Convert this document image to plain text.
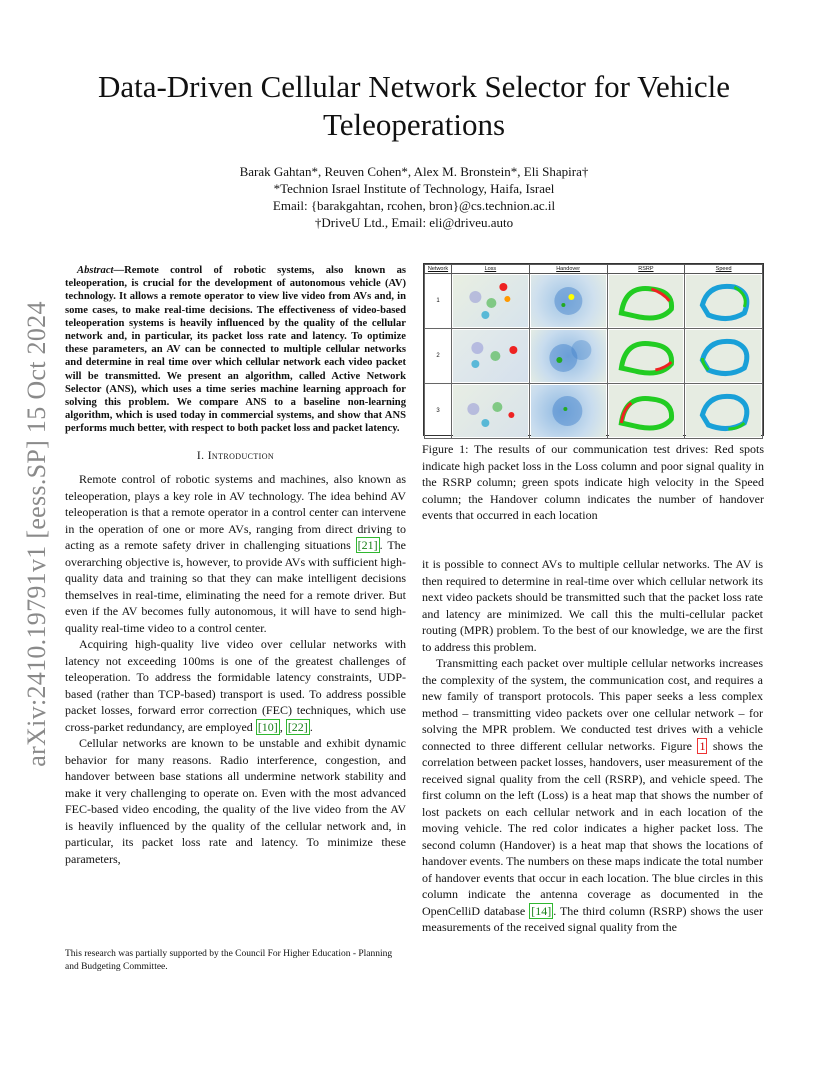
arXiv:2410.19791v1 [eess.SP] 15 Oct 2024
Data-Driven Cellular Network Selector for Vehicle
Teleoperations
Barak Gahtan*, Reuven Cohen*, Alex M. Bronstein*, Eli Shapira†
*Technion Israel Institute of Technology, Haifa, Israel
Email: {barakgahtan, rcohen, bron}@cs.technion.ac.il
†DriveU Ltd., Email: eli@driveu.auto

Abstract—Remote control of robotic systems, also known as teleoperation, is crucial for the development of autonomous vehicle (AV) technology. It allows a remote operator to view live video from AVs and, in some cases, to make real-time decisions. The effectiveness of video-based teleoperation systems is heavily influenced by the quality of the cellular network and, in particular, its packet loss rate and latency. To optimize these parameters, an AV can be connected to multiple cellular networks and determine in real time over which cellular network each video packet will be transmitted. We present an algorithm, called Active Network Selector (ANS), which uses a time series machine learning approach for solving this problem. We compare ANS to a baseline non-learning algorithm, which is used today in commercial systems, and show that ANS performs much better, with respect to both packet loss and packet latency.

I. Introduction

Remote control of robotic systems and machines, also known as teleoperation, plays a key role in AV technology. The idea behind AV teleoperation is that a remote operator in a control center can intervene in the operation of one or more AVs, ranging from direct driving to acting as a remote safety driver in challenging situations [21] . The overarching objective is, however, to provide AVs with sufficient high-quality data and training so that they can make intelligent decisions themselves in real-time, eliminating the need for a remote driver. But even if the AV becomes fully autonomous, it will have to send high-quality real-time video to a control center.

Acquiring high-quality live video over cellular networks with latency not exceeding 100ms is one of the greatest challenges of teleoperation. To address the formidable latency constraints, UDP-based (rather than TCP-based) transport is used. To address possible packet losses, forward error correction (FEC) techniques, which use cross-parket redundancy, are employed [10] , [22] .

Cellular networks are known to be unstable and exhibit dynamic behavior for many reasons. Radio interference, congestion, and handover between base stations all undermine network stability and make it very challenging to operate on. Even with the most advanced FEC-based video encoding, the quality of the live video from the AV is heavily influenced by the quality of the cellular network and, in particular, its packet loss rate and latency. To minimize these parameters,

This research was partially supported by the Council For Higher Education - Planning and Budgeting Committee.
Network	Loss	Handover	RSRP	Speed
1	

2	

3	

Figure 1: The results of our communication test drives: Red spots indicate high packet loss in the Loss column and poor signal quality in the RSRP column; green spots indicate high velocity in the Speed column; the Handover column indicates the number of handover events that occurred in each location

it is possible to connect AVs to multiple cellular networks. The AV is then required to determine in real-time over which cellular network its next video packets should be transmitted such that the packet loss rate and latency are minimized. We call this the multi-cellular packet routing (MPR) problem. To the best of our knowledge, we are the first to address this problem.

Transmitting each packet over multiple cellular networks increases the complexity of the system, the communication cost, and requires a new family of transport protocols. This paper seeks a less complex method – transmitting video packets over one cellular network – for solving the MPR problem. We conducted test drives with a vehicle connected to three different cellular networks. Figure 1 shows the correlation between packet losses, handovers, user measurement of the received signal quality from the cell (RSRP), and vehicle speed. The first column on the left (Loss) is a heat map that shows the number of lost packets on each cellular network and in each location of the moving vehicle. The red color indicates a higher packet loss. The second column (Handover) is a heat map that shows the locations of handover events. The numbers on these maps indicate the total number of handover events that occur in each location. The blue circles in this column indicate the antenna coverage as documented in the OpenCelliD database [14] . The third column (RSRP) shows the user measurements of the received signal quality from the
